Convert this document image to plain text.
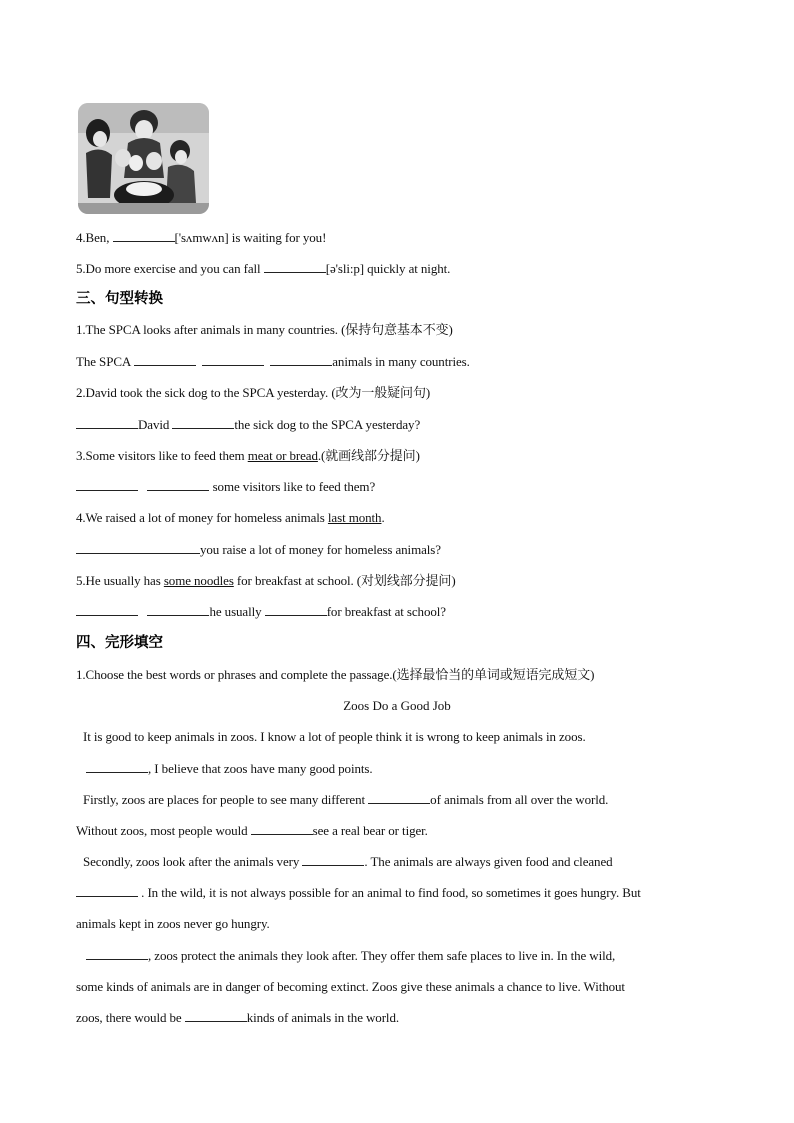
4.Ben,	['sʌmwʌn] is waiting for you!
5.Do more exercise and you can fall	[ə'sli:p] quickly at night.
三、句型转换
1.The SPCA looks after animals in many countries. (保持句意基本不变)
The SPCA	animals in many countries.
2.David took the sick dog to the SPCA yesterday. (改为一般疑问句)
David	the sick dog to the SPCA yesterday?
3.Some visitors like to feed them meat or bread.(就画线部分提问)
some visitors like to feed them?
4.We raised a lot of money for homeless animals last month.
you raise a lot of money for homeless animals?
5.He usually has some noodles for breakfast at school. (对划线部分提问)
he usually	for breakfast at school?
四、完形填空
1.Choose the best words or phrases and complete the passage.(选择最恰当的单词或短语完成短文)
Zoos Do a Good Job
It is good to keep animals in zoos. I know a lot of people think it is wrong to keep animals in zoos.
, I believe that zoos have many good points.
Firstly, zoos are places for people to see many different	of animals from all over the world.
Without zoos, most people would	see a real bear or tiger.
Secondly, zoos look after the animals very	. The animals are always given food and cleaned
. In the wild, it is not always possible for an animal to find food, so sometimes it goes hungry. But
animals kept in zoos never go hungry.
, zoos protect the animals they look after. They offer them safe places to live in. In the wild,
some kinds of animals are in danger of becoming extinct. Zoos give these animals a chance to live. Without
zoos, there would be	kinds of animals in the world.
